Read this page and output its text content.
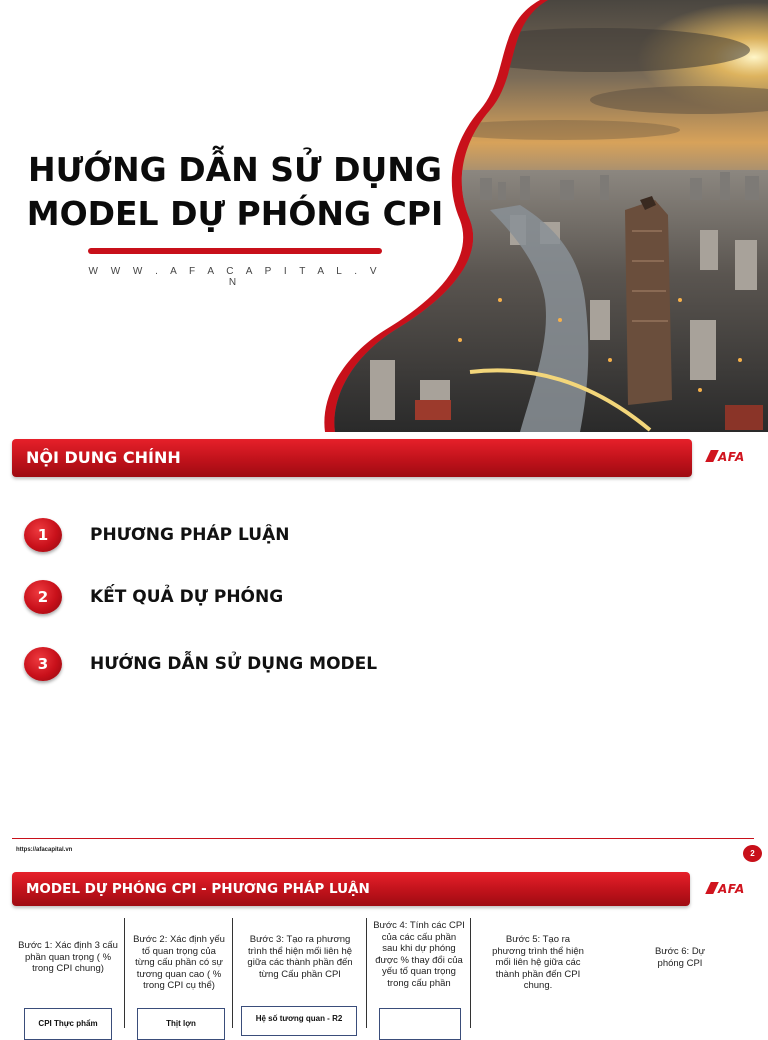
HƯỚNG DẪN SỬ DỤNG
MODEL DỰ PHÓNG CPI
W W W . A F A C A P I T A L . V N
NỘI DUNG CHÍNH	AFA
1	PHƯƠNG PHÁP LUẬN
2	KẾT QUẢ DỰ PHÓNG
3	HƯỚNG DẪN SỬ DỤNG MODEL
https://afacapital.vn	2
MODEL DỰ PHÓNG CPI - PHƯƠNG PHÁP LUẬN	AFA
Bước 1: Xác định 3 cấu phần quan trọng ( % trong CPI chung)
CPI Thực phẩm
Bước 2: Xác định yếu tố quan trọng của từng cấu phần có sự tương quan cao ( % trong CPI cụ thể)
Thịt lợn
Bước 3: Tạo ra phương trình thể hiện mối liên hệ giữa các thành phần đến từng Cấu phần CPI
Hệ số tương quan - R2
Bước 4: Tính các CPI của các cấu phần sau khi dự phóng được % thay đổi của yếu tố quan trọng trong cấu phần
Bước 5: Tạo ra phương trình thể hiện mối liên hệ giữa các thành phần đến CPI chung.
Bước 6: Dự phóng CPI
